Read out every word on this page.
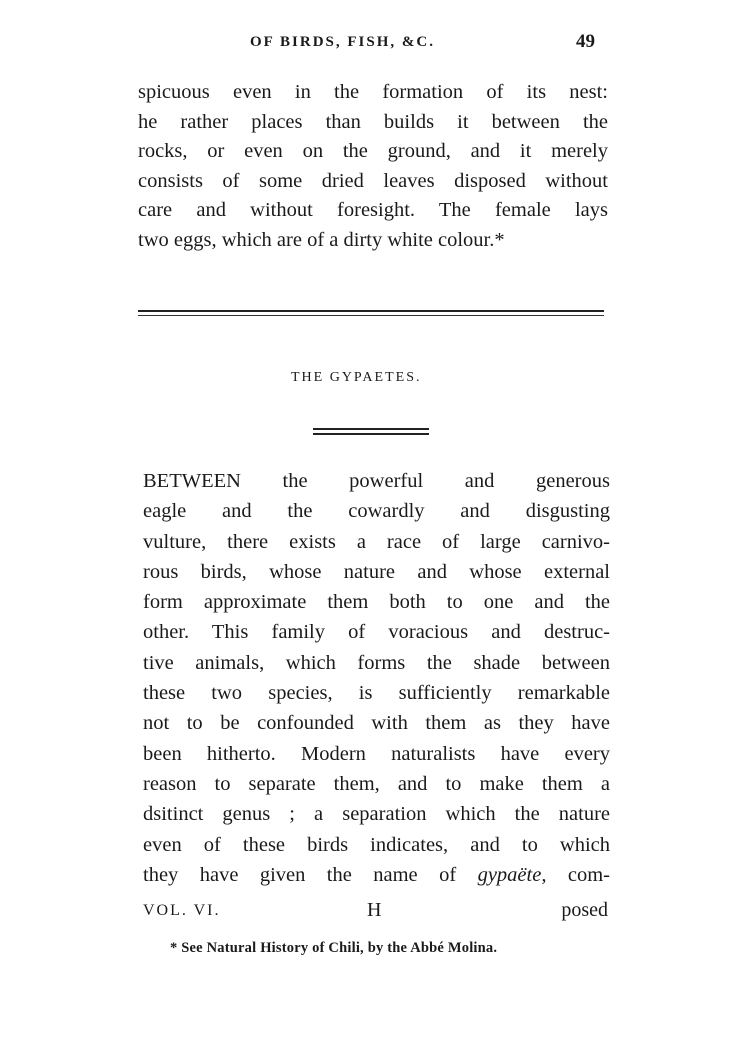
OF BIRDS, FISH, &C.	49
spicuous even in the formation of its nest:
he rather places than builds it between the
rocks, or even on the ground, and it merely
consists of some dried leaves disposed without
care and without foresight. The female lays
two eggs, which are of a dirty white colour.*
THE GYPAETES.
BETWEEN the powerful and generous
eagle and the cowardly and disgusting
vulture, there exists a race of large carnivo-
rous birds, whose nature and whose external
form approximate them both to one and the
other. This family of voracious and destruc-
tive animals, which forms the shade between
these two species, is sufficiently remarkable
not to be confounded with them as they have
been hitherto. Modern naturalists have every
reason to separate them, and to make them a
dsitinct genus ; a separation which the nature
even of these birds indicates, and to which
they have given the name of gypaëte, com-
VOL. VI.	H	posed
* See Natural History of Chili, by the Abbé Molina.
